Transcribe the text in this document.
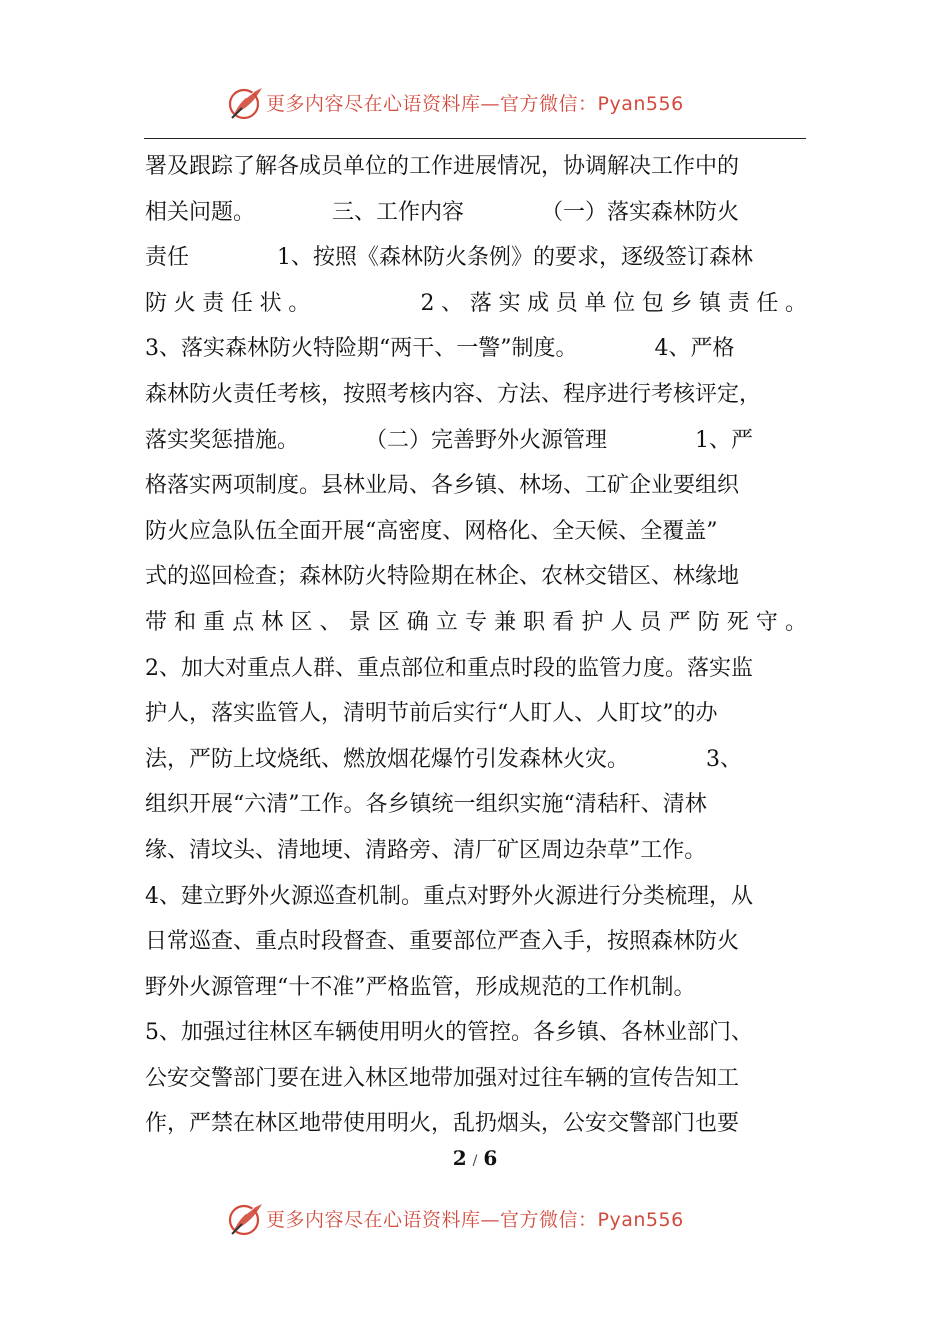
更多内容尽在心语资料库—官方微信：Pyan556
署及跟踪了解各成员单位的工作进展情况，协调解决工作中的
相关问题。　　　　三、工作内容　　　　（一）落实森林防火
责任　　　　1、按照《森林防火条例》的要求，逐级签订森林
防火责任状。　　　　2、落实成员单位包乡镇责任。
3、落实森林防火特险期“两干、一警”制度。　　　　4、严格
森林防火责任考核，按照考核内容、方法、程序进行考核评定，
落实奖惩措施。　　　　（二）完善野外火源管理　　　　1、严
格落实两项制度。县林业局、各乡镇、林场、工矿企业要组织
防火应急队伍全面开展“高密度、网格化、全天候、全覆盖”
式的巡回检查；森林防火特险期在林企、农林交错区、林缘地
带和重点林区、景区确立专兼职看护人员严防死守。
2、加大对重点人群、重点部位和重点时段的监管力度。落实监
护人，落实监管人，清明节前后实行“人盯人、人盯坟”的办
法，严防上坟烧纸、燃放烟花爆竹引发森林火灾。　　　　3、
组织开展“六清”工作。各乡镇统一组织实施“清秸秆、清林
缘、清坟头、清地埂、清路旁、清厂矿区周边杂草”工作。
4、建立野外火源巡查机制。重点对野外火源进行分类梳理，从
日常巡查、重点时段督查、重要部位严查入手，按照森林防火
野外火源管理“十不准”严格监管，形成规范的工作机制。
5、加强过往林区车辆使用明火的管控。各乡镇、各林业部门、
公安交警部门要在进入林区地带加强对过往车辆的宣传告知工
作，严禁在林区地带使用明火，乱扔烟头，公安交警部门也要
2 / 6
更多内容尽在心语资料库—官方微信：Pyan556
